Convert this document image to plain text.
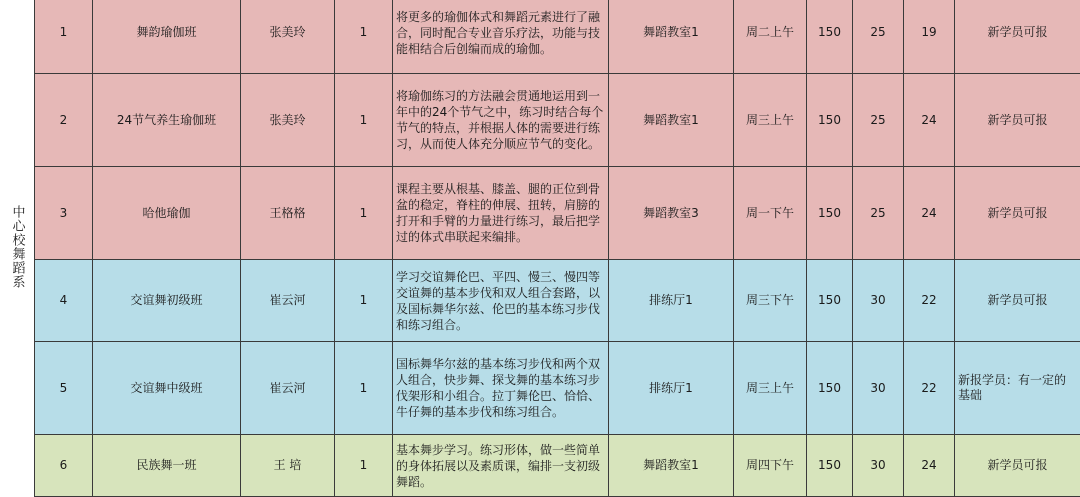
中心校舞蹈系
1	舞韵瑜伽班	张美玲	1	将更多的瑜伽体式和舞蹈元素进行了融合，同时配合专业音乐疗法，功能与技能相结合后创编而成的瑜伽。	舞蹈教室1	周二上午	150	25	19	新学员可报
2	24节气养生瑜伽班	张美玲	1	将瑜伽练习的方法融会贯通地运用到一年中的24个节气之中，练习时结合每个节气的特点，并根据人体的需要进行练习，从而使人体充分顺应节气的变化。	舞蹈教室1	周三上午	150	25	24	新学员可报
3	哈他瑜伽	王格格	1	课程主要从根基、膝盖、腿的正位到骨盆的稳定，脊柱的伸展、扭转，肩膀的打开和手臂的力量进行练习，最后把学过的体式串联起来编排。	舞蹈教室3	周一下午	150	25	24	新学员可报
4	交谊舞初级班	崔云河	1	学习交谊舞伦巴、平四、慢三、慢四等交谊舞的基本步伐和双人组合套路，以及国标舞华尔兹、伦巴的基本练习步伐和练习组合。	排练厅1	周三下午	150	30	22	新学员可报
5	交谊舞中级班	崔云河	1	国标舞华尔兹的基本练习步伐和两个双人组合，快步舞、探戈舞的基本练习步伐架形和小组合。拉丁舞伦巴、恰恰、牛仔舞的基本步伐和练习组合。	排练厅1	周三上午	150	30	22	新报学员：有一定的基础
6	民族舞一班	王 培	1	基本舞步学习。练习形体，做一些简单的身体拓展以及素质课，编排一支初级舞蹈。	舞蹈教室1	周四下午	150	30	24	新学员可报
